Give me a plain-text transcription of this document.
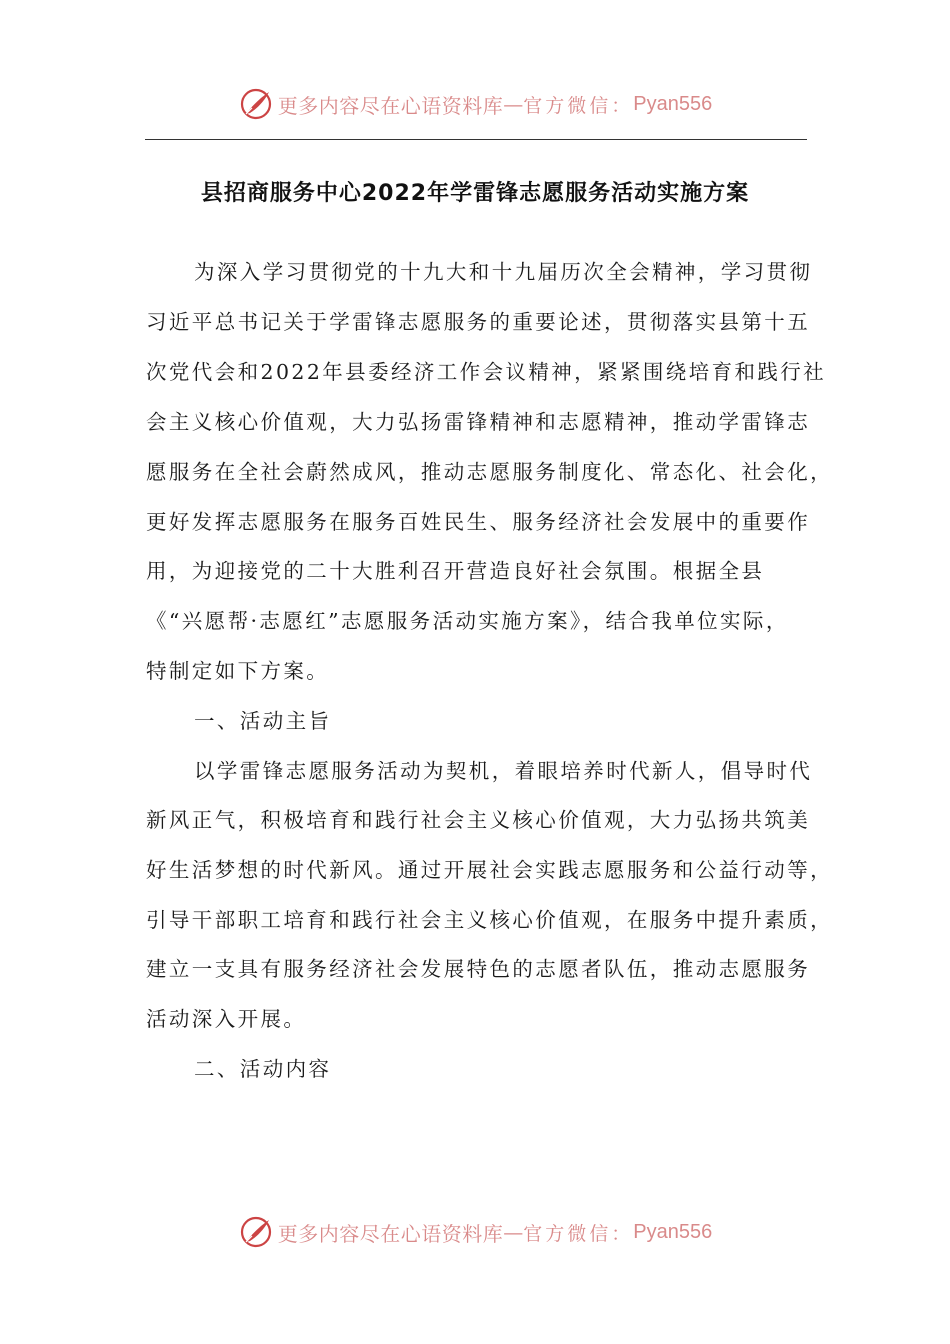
更多内容尽在心语资料库 — 官方微信： Pyan556
县招商服务中心2022年学雷锋志愿服务活动实施方案
为深入学习贯彻党的十九大和十九届历次全会精神，学习贯彻
习近平总书记关于学雷锋志愿服务的重要论述，贯彻落实县第十五
次党代会和2022年县委经济工作会议精神，紧紧围绕培育和践行社
会主义核心价值观，大力弘扬雷锋精神和志愿精神，推动学雷锋志
愿服务在全社会蔚然成风，推动志愿服务制度化、常态化、社会化，
更好发挥志愿服务在服务百姓民生、服务经济社会发展中的重要作
用，为迎接党的二十大胜利召开营造良好社会氛围。根据全县
《“兴愿帮·志愿红”志愿服务活动实施方案》，结合我单位实际，
特制定如下方案。
一、活动主旨
以学雷锋志愿服务活动为契机，着眼培养时代新人，倡导时代
新风正气，积极培育和践行社会主义核心价值观，大力弘扬共筑美
好生活梦想的时代新风。通过开展社会实践志愿服务和公益行动等，
引导干部职工培育和践行社会主义核心价值观，在服务中提升素质，
建立一支具有服务经济社会发展特色的志愿者队伍，推动志愿服务
活动深入开展。
二、活动内容
更多内容尽在心语资料库 — 官方微信： Pyan556
